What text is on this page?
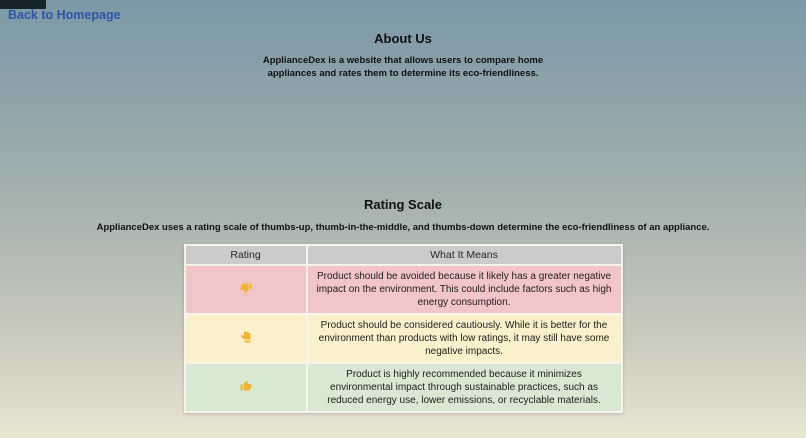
Back to Homepage
About Us

ApplianceDex is a website that allows users to compare home appliances and rates them to determine its eco-friendliness.

Rating Scale

ApplianceDex uses a rating scale of thumbs-up, thumb-in-the-middle, and thumbs-down determine the eco-friendliness of an appliance.

Rating	What It Means
	Product should be avoided because it likely has a greater negative impact on the environment. This could include factors such as high energy consumption.
	Product should be considered cautiously. While it is better for the environment than products with low ratings, it may still have some negative impacts.
	Product is highly recommended because it minimizes environmental impact through sustainable practices, such as reduced energy use, lower emissions, or recyclable materials.
